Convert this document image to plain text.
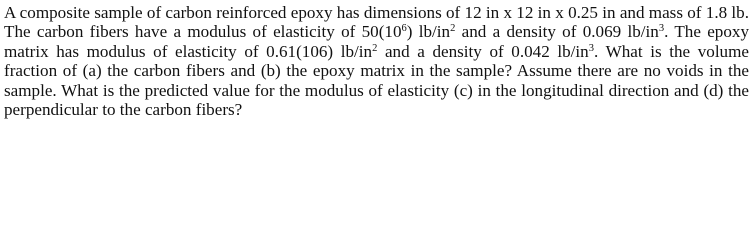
A composite sample of carbon reinforced epoxy has dimensions of 12 in x 12 in x 0.25 in and mass of 1.8 lb. The carbon fibers have a modulus of elasticity of $50(10^6)$ $lb/in^2$ and a density of 0.069 $lb/in^3$. The epoxy matrix has modulus of elasticity of 0.61(106) $lb/in^2$ and a density of 0.042 $lb/in^3$. What is the volume fraction of (a) the carbon fibers and (b) the epoxy matrix in the sample? Assume there are no voids in the sample. What is the predicted value for the modulus of elasticity (c) in the longitudinal direction and (d) the perpendicular to the carbon fibers?
